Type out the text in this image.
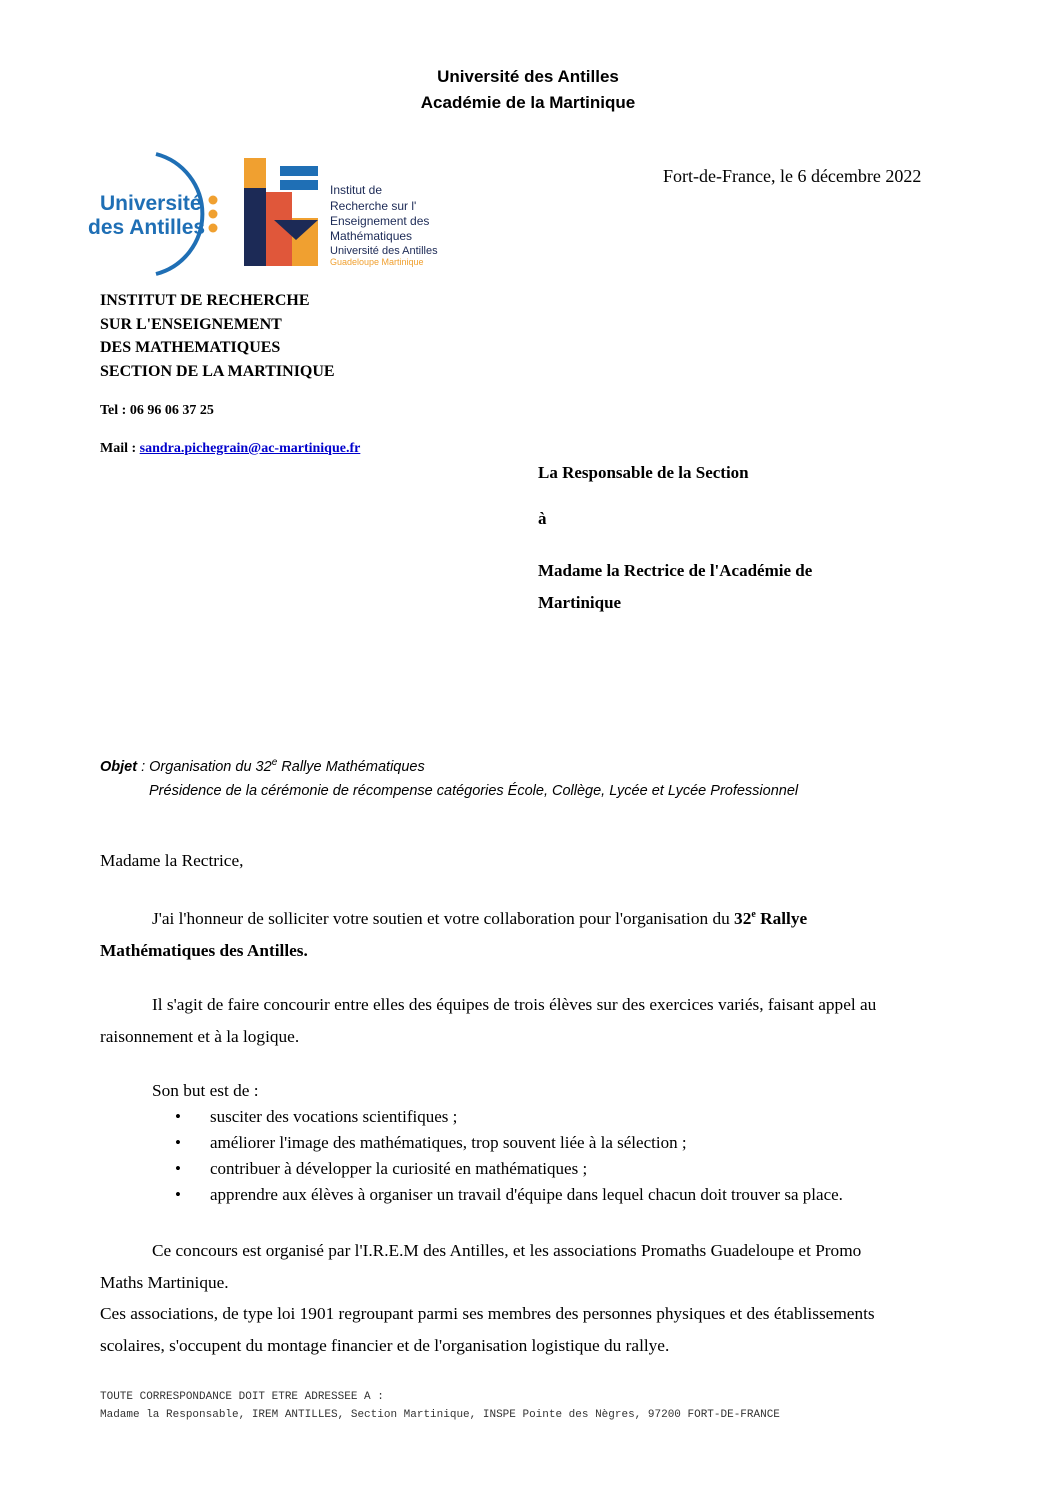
Université des Antilles
Académie de la Martinique
Université
des Antilles
Institut de
Recherche sur l'
Enseignement des
Mathématiques
Université des Antilles
Guadeloupe Martinique
Fort-de-France, le 6 décembre 2022
INSTITUT DE RECHERCHE
SUR L'ENSEIGNEMENT
DES MATHEMATIQUES
SECTION DE LA MARTINIQUE
Tel : 06 96 06 37 25
Mail : sandra.pichegrain@ac-martinique.fr
La Responsable de la Section
à
Madame la Rectrice de l'Académie de
Martinique
Objet : Organisation du 32e Rallye Mathématiques
Présidence de la cérémonie de récompense catégories École, Collège, Lycée et Lycée Professionnel
Madame la Rectrice,
J'ai l'honneur de solliciter votre soutien et votre collaboration pour l'organisation du 32e Rallye
Mathématiques des Antilles.
Il s'agit de faire concourir entre elles des équipes de trois élèves sur des exercices variés, faisant appel au
raisonnement et à la logique.
Son but est de :
• susciter des vocations scientifiques ;
• améliorer l'image des mathématiques, trop souvent liée à la sélection ;
• contribuer à développer la curiosité en mathématiques ;
• apprendre aux élèves à organiser un travail d'équipe dans lequel chacun doit trouver sa place.
Ce concours est organisé par l'I.R.E.M des Antilles, et les associations Promaths Guadeloupe et Promo
Maths Martinique.
Ces associations, de type loi 1901 regroupant parmi ses membres des personnes physiques et des établissements
scolaires, s'occupent du montage financier et de l'organisation logistique du rallye.
TOUTE CORRESPONDANCE DOIT ETRE ADRESSEE A :
Madame la Responsable, IREM ANTILLES, Section Martinique, INSPE Pointe des Nègres, 97200 FORT-DE-FRANCE
